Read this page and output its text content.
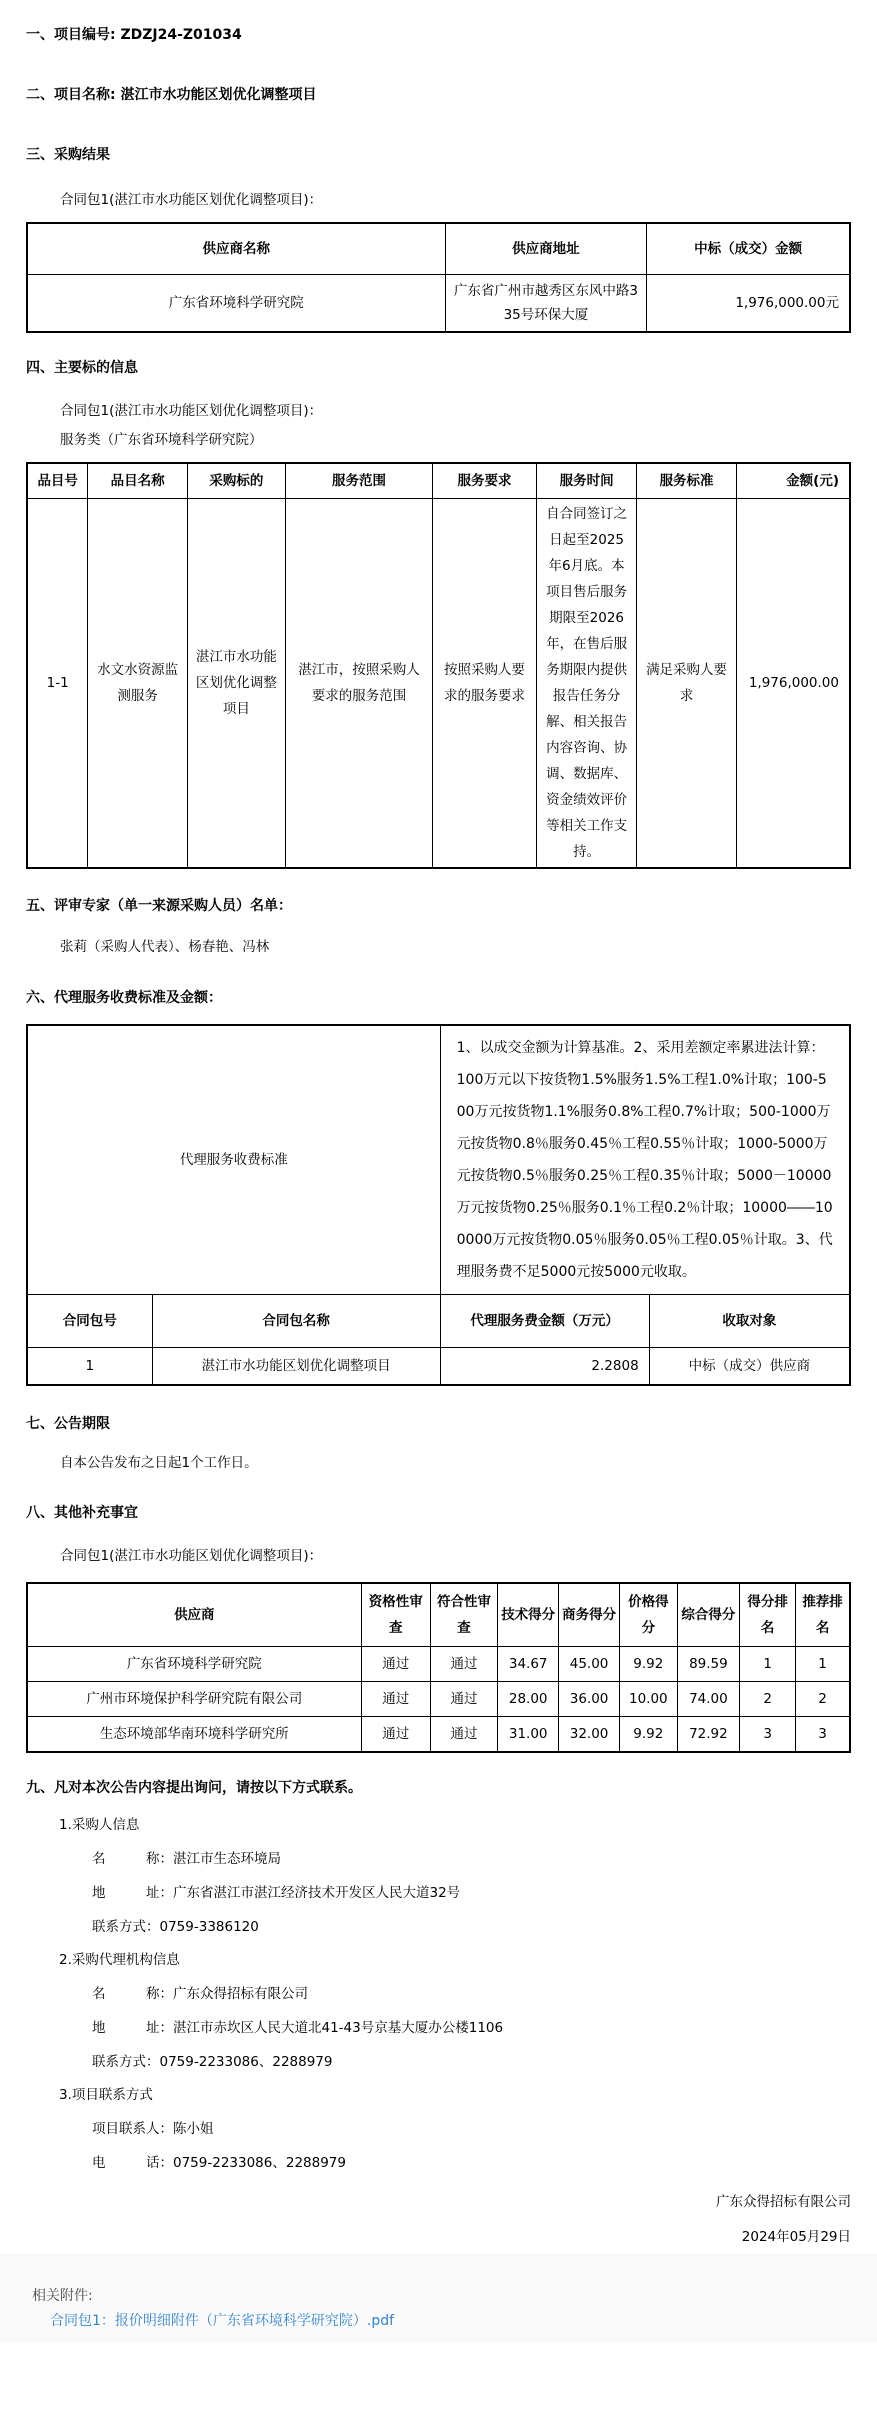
一、项目编号: ZDZJ24-Z01034
二、项目名称: 湛江市水功能区划优化调整项目
三、采购结果
合同包1(湛江市水功能区划优化调整项目)：
供应商名称	供应商地址	中标（成交）金额
广东省环境科学研究院	广东省广州市越秀区东风中路335号环保大厦	1,976,000.00元
四、主要标的信息
合同包1(湛江市水功能区划优化调整项目)：
服务类（广东省环境科学研究院）
品目号	品目名称	采购标的	服务范围	服务要求	服务时间	服务标准	金额(元)
1-1	水文水资源监测服务	湛江市水功能区划优化调整项目	湛江市，按照采购人要求的服务范围	按照采购人要求的服务要求	自合同签订之日起至2025年6月底。本项目售后服务期限至2026年，在售后服务期限内提供报告任务分解、相关报告内容咨询、协调、数据库、资金绩效评价等相关工作支持。	满足采购人要求	1,976,000.00
五、评审专家（单一来源采购人员）名单：
张莉（采购人代表）、杨春艳、冯林
六、代理服务收费标准及金额：
代理服务收费标准		1、以成交金额为计算基准。2、采用差额定率累进法计算：100万元以下按货物1.5%服务1.5%工程1.0%计取；100-500万元按货物1.1%服务0.8%工程0.7%计取；500-1000万元按货物0.8％服务0.45％工程0.55％计取；1000-5000万元按货物0.5％服务0.25％工程0.35％计取；5000－10000万元按货物0.25％服务0.1％工程0.2％计取；10000――100000万元按货物0.05％服务0.05％工程0.05％计取。3、代理服务费不足5000元按5000元收取。	
合同包号	合同包名称	代理服务费金额（万元）	收取对象
1	湛江市水功能区划优化调整项目	2.2808	中标（成交）供应商
七、公告期限
自本公告发布之日起1个工作日。
八、其他补充事宜
合同包1(湛江市水功能区划优化调整项目)：
供应商	资格性审查	符合性审查	技术得分	商务得分	价格得分	综合得分	得分排名	推荐排名
广东省环境科学研究院	通过	通过	34.67	45.00	9.92	89.59	1	1
广州市环境保护科学研究院有限公司	通过	通过	28.00	36.00	10.00	74.00	2	2
生态环境部华南环境科学研究所	通过	通过	31.00	32.00	9.92	72.92	3	3
九、凡对本次公告内容提出询问，请按以下方式联系。
1.采购人信息
名　　　称：湛江市生态环境局
地　　　址：广东省湛江市湛江经济技术开发区人民大道32号
联系方式：0759-3386120
2.采购代理机构信息
名　　　称：广东众得招标有限公司
地　　　址：湛江市赤坎区人民大道北41-43号京基大厦办公楼1106
联系方式：0759-2233086、2288979
3.项目联系方式
项目联系人：陈小姐
电　　　话：0759-2233086、2288979
广东众得招标有限公司
2024年05月29日
相关附件:
合同包1：报价明细附件（广东省环境科学研究院）.pdf
